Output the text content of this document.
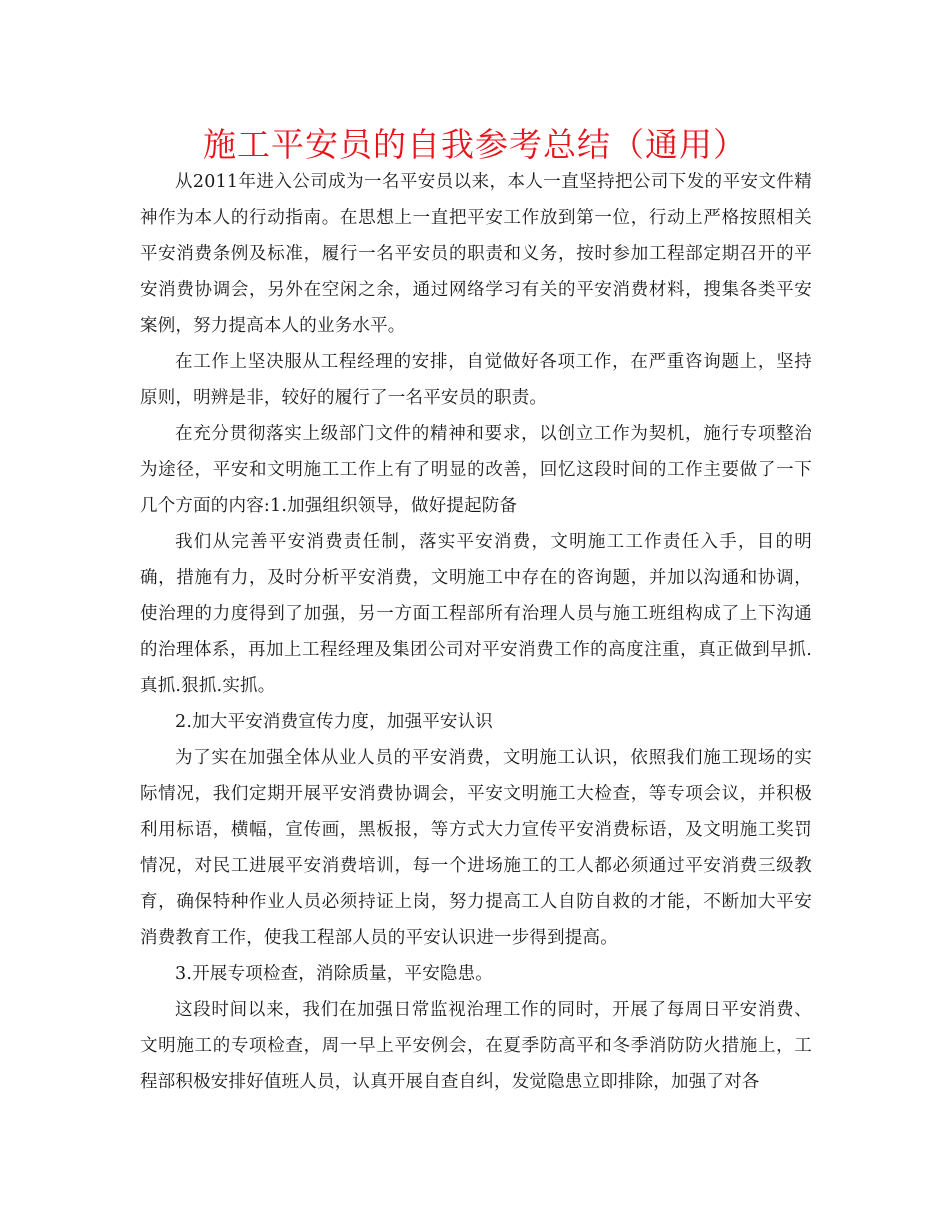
施工平安员的自我参考总结（通用）

从2011年进入公司成为一名平安员以来，本人一直坚持把公司下发的平安文件精神作为本人的行动指南。在思想上一直把平安工作放到第一位，行动上严格按照相关平安消费条例及标准，履行一名平安员的职责和义务，按时参加工程部定期召开的平安消费协调会，另外在空闲之余，通过网络学习有关的平安消费材料，搜集各类平安案例，努力提高本人的业务水平。

在工作上坚决服从工程经理的安排，自觉做好各项工作，在严重咨询题上，坚持原则，明辨是非，较好的履行了一名平安员的职责。

在充分贯彻落实上级部门文件的精神和要求，以创立工作为契机，施行专项整治为途径，平安和文明施工工作上有了明显的改善，回忆这段时间的工作主要做了一下几个方面的内容:1.加强组织领导，做好提起防备

我们从完善平安消费责任制，落实平安消费，文明施工工作责任入手，目的明确，措施有力，及时分析平安消费，文明施工中存在的咨询题，并加以沟通和协调，使治理的力度得到了加强，另一方面工程部所有治理人员与施工班组构成了上下沟通的治理体系，再加上工程经理及集团公司对平安消费工作的高度注重，真正做到早抓.真抓.狠抓.实抓。

2.加大平安消费宣传力度，加强平安认识

为了实在加强全体从业人员的平安消费，文明施工认识，依照我们施工现场的实际情况，我们定期开展平安消费协调会，平安文明施工大检查，等专项会议，并积极利用标语，横幅，宣传画，黑板报，等方式大力宣传平安消费标语，及文明施工奖罚情况，对民工进展平安消费培训，每一个进场施工的工人都必须通过平安消费三级教育，确保特种作业人员必须持证上岗，努力提高工人自防自救的才能，不断加大平安消费教育工作，使我工程部人员的平安认识进一步得到提高。

3.开展专项检查，消除质量，平安隐患。

这段时间以来，我们在加强日常监视治理工作的同时，开展了每周日平安消费、文明施工的专项检查，周一早上平安例会，在夏季防高平和冬季消防防火措施上，工程部积极安排好值班人员，认真开展自查自纠，发觉隐患立即排除，加强了对各
